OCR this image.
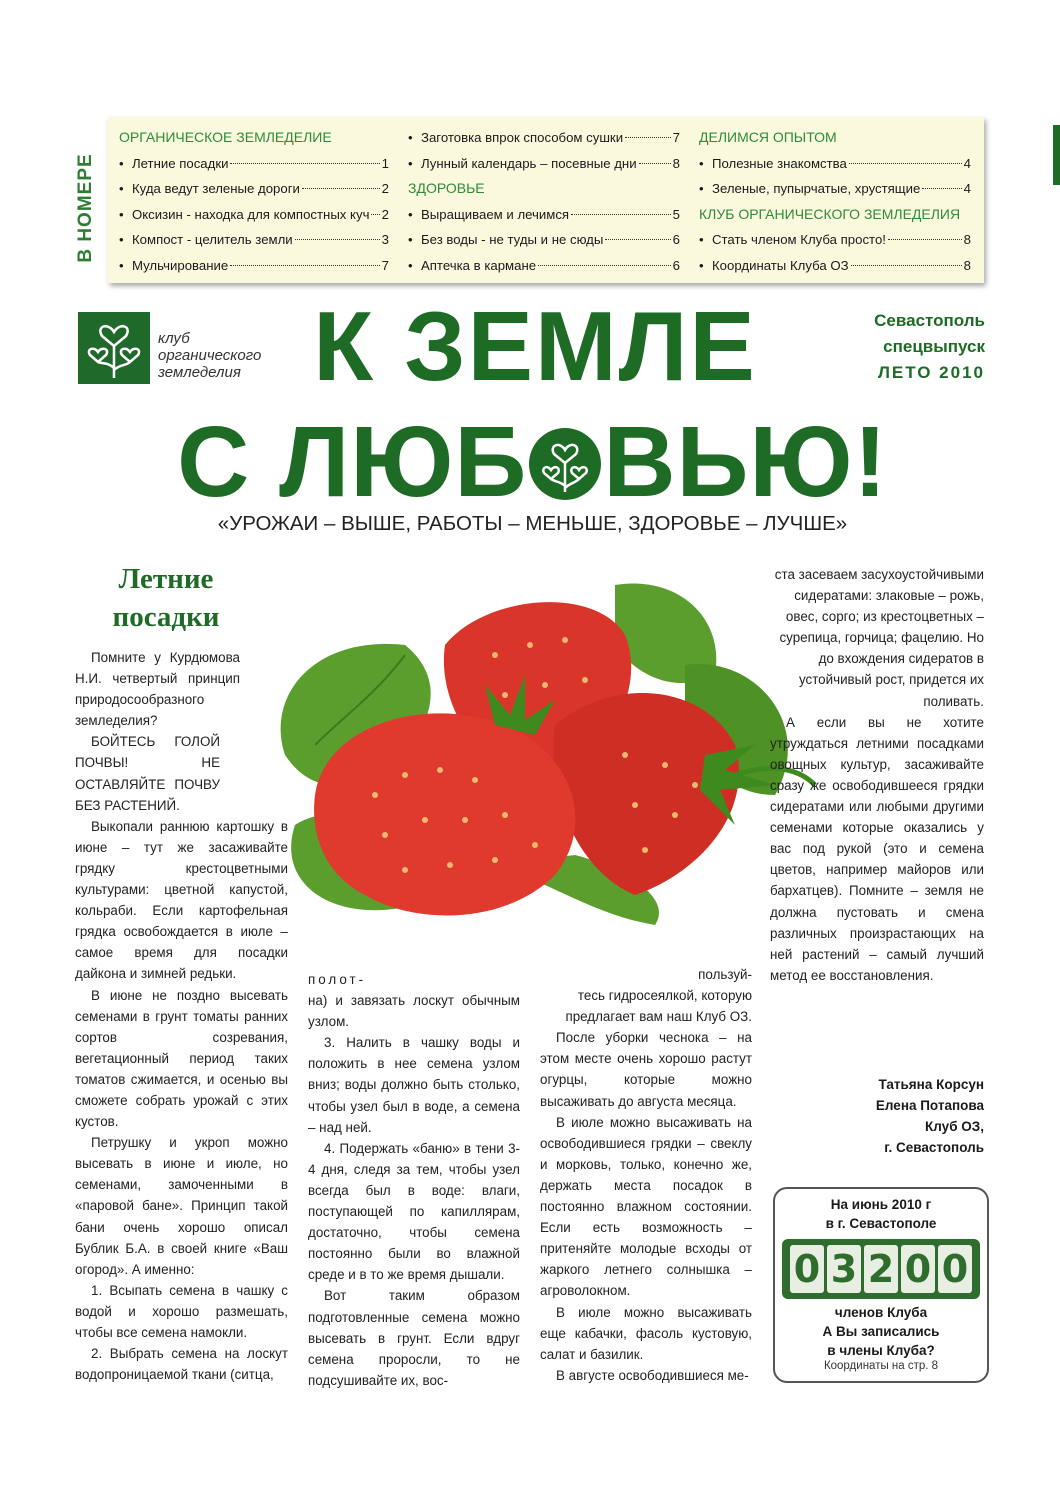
В НОМЕРЕ
ОРГАНИЧЕСКОЕ ЗЕМЛЕДЕЛИЕ
• Летние посадки	1
• Куда ведут зеленые дороги	2
• Оксизин - находка для компостных куч 2
• Компост - целитель земли	3
• Мульчирование	7
• Заготовка впрок способом сушки	7
• Лунный календарь – посевные дни	8
ЗДОРОВЬЕ
• Выращиваем и лечимся	5
• Без воды - не туды и не сюды	6
• Аптечка в кармане	6
ДЕЛИМСЯ ОПЫТОМ
• Полезные знакомства	4
• Зеленые, пупырчатые, хрустящие	4
КЛУБ ОРГАНИЧЕСКОГО ЗЕМЛЕДЕЛИЯ
• Стать членом Клуба просто!	8
• Координаты Клуба ОЗ	8
клуб
органического
земледелия К ЗЕМЛЕ
С ЛЮБ ВЬЮ!
«УРОЖАИ – ВЫШЕ, РАБОТЫ – МЕНЬШЕ, ЗДОРОВЬЕ – ЛУЧШЕ»
Севастополь
спецвыпуск
ЛЕТО 2010
Летние
посадки

Помните у Курдюмова Н.И. четвертый принцип природосообразного земледелия?

БОЙТЕСЬ ГОЛОЙ ПОЧВЫ! НЕ ОСТАВЛЯЙТЕ ПОЧВУ БЕЗ РАСТЕНИЙ.

Выкопали раннюю картошку в июне – тут же засаживайте грядку крестоцветными культурами: цветной капустой, кольраби. Если картофельная грядка освобождается в июле – самое время для посадки дайкона и зимней редьки.

В июне не поздно высевать семенами в грунт томаты ранних сортов созревания, вегетационный период таких томатов сжимается, и осенью вы сможете собрать урожай с этих кустов.

Петрушку и укроп можно высевать в июне и июле, но семенами, замоченными в «паровой бане». Принцип такой бани очень хорошо описал Бублик Б.А. в своей книге «Ваш огород». А именно:

1. Всыпать семена в чашку с водой и хорошо размешать, чтобы все семена намокли.

2. Выбрать семена на лоскут водопроницаемой ткани (ситца,

полот-

на) и завязать лоскут обычным узлом.

3. Налить в чашку воды и положить в нее семена узлом вниз; воды должно быть столько, чтобы узел был в воде, а семена – над ней.

4. Подержать «баню» в тени 3-4 дня, следя за тем, чтобы узел всегда был в воде: влаги, поступающей по капиллярам, достаточно, чтобы семена постоянно были во влажной среде и в то же время дышали.

Вот таким образом подготовленные семена можно высевать в грунт. Если вдруг семена проросли, то не подсушивайте их, вос-

пользуй-

тесь гидросеялкой, которую предлагает вам наш Клуб ОЗ.

После уборки чеснока – на этом месте очень хорошо растут огурцы, которые можно высаживать до августа месяца.

В июле можно высаживать на освободившиеся грядки – свеклу и морковь, только, конечно же, держать места посадок в постоянно влажном состоянии. Если есть возможность – притеняйте молодые всходы от жаркого летнего солнышка – агроволокном.

В июле можно высаживать еще кабачки, фасоль кустовую, салат и базилик.

В августе освободившиеся ме-

ста засеваем засухоустойчивыми сидератами: злаковые – рожь, овес, сорго; из крестоцветных – сурепица, горчица; фацелию. Но до вхождения сидератов в устойчивый рост, придется их поливать.

А если вы не хотите утруждаться летними посадками овощных культур, засаживайте сразу же освободившееся грядки сидератами или любыми другими семенами которые оказались у вас под рукой (это и семена цветов, например майоров или бархатцев). Помните – земля не должна пустовать и смена различных произрастающих на ней растений – самый лучший метод ее восстановления.

Татьяна Корсун
Елена Потапова
Клуб ОЗ,
г. Севастополь
На июнь 2010 г
в г. Севастополе
0 3 2 0 0
членов Клуба
А Вы записались
в члены Клуба?
Координаты на стр. 8
